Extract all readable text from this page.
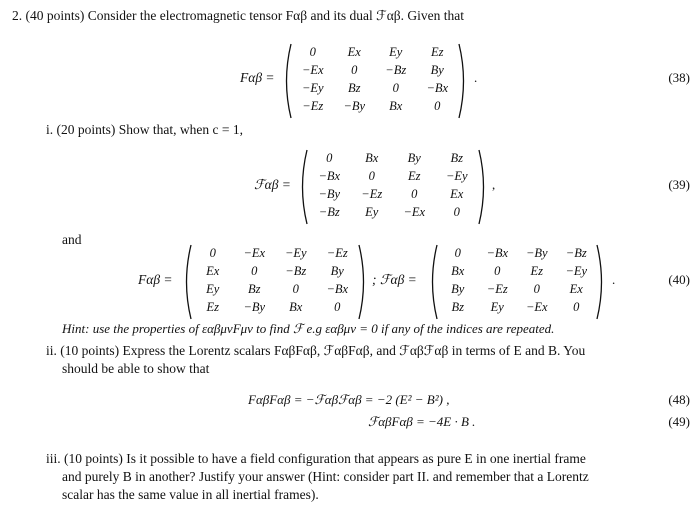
2. (40 points) Consider the electromagnetic tensor Fαβ and its dual ℱαβ. Given that
Fαβ =
0	Ex	Ey	Ez
−Ex	0	−Bz	By
−Ey	Bz	0	−Bx
−Ez	−By	Bx	0
.	(38)
i. (20 points) Show that, when c = 1,
ℱαβ =
0	Bx	By	Bz
−Bx	0	Ez	−Ey
−By	−Ez	0	Ex
−Bz	Ey	−Ex	0
,	(39)
and
Fαβ =
0	−Ex	−Ey	−Ez
Ex	0	−Bz	By
Ey	Bz	0	−Bx
Ez	−By	Bx	0
; ℱαβ =
0	−Bx	−By	−Bz
Bx	0	Ez	−Ey
By	−Ez	0	Ex
Bz	Ey	−Ex	0
.	(40)
Hint: use the properties of εαβμνFμν to find ℱ e.g εαβμν = 0 if any of the indices are repeated.
ii. (10 points) Express the Lorentz scalars FαβFαβ, ℱαβFαβ, and ℱαβℱαβ in terms of E and B. You
should be able to show that
FαβFαβ = −ℱαβℱαβ = −2 (E² − B²) ,	(48)
ℱαβFαβ = −4E · B .	(49)
iii. (10 points) Is it possible to have a field configuration that appears as pure E in one inertial frame
and purely B in another? Justify your answer (Hint: consider part II. and remember that a Lorentz
scalar has the same value in all inertial frames).
